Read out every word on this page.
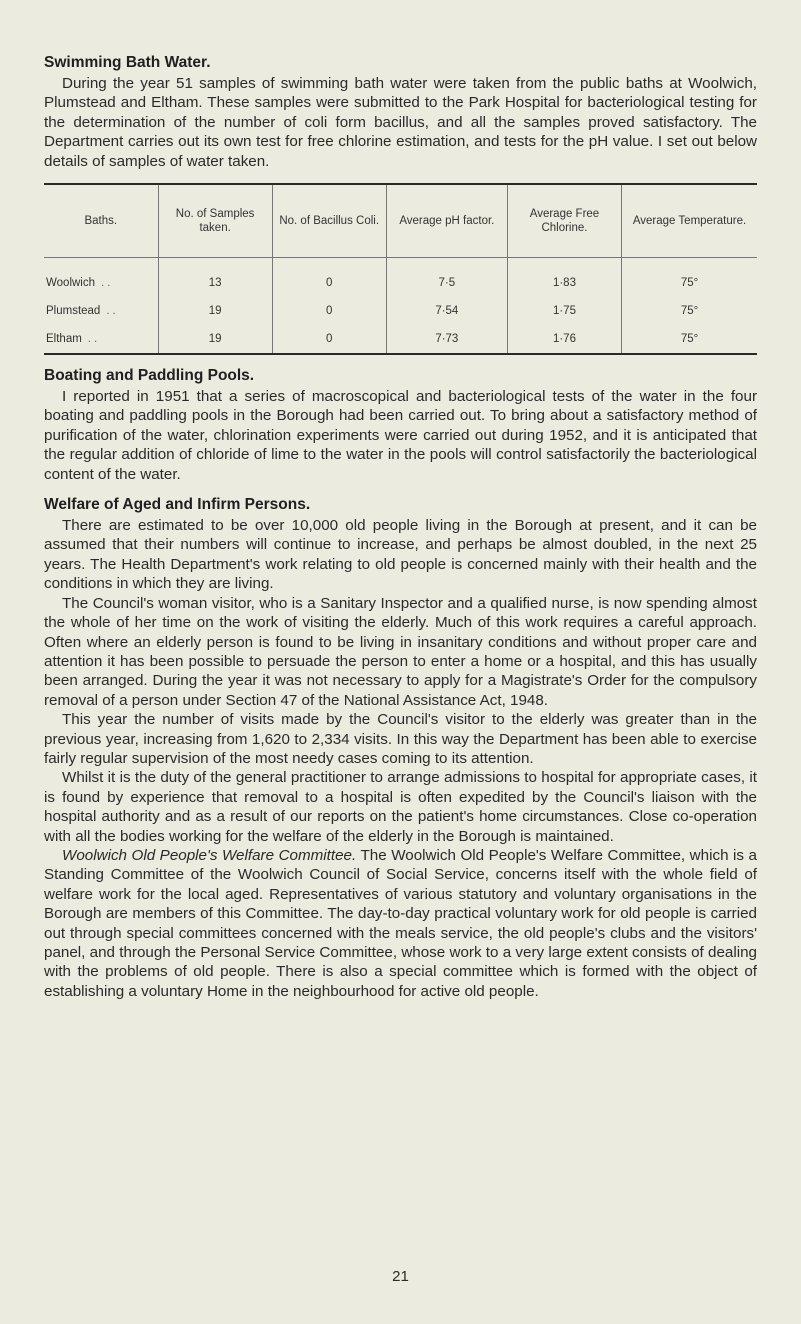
Swimming Bath Water.

During the year 51 samples of swimming bath water were taken from the public baths at Woolwich, Plumstead and Eltham. These samples were submitted to the Park Hospital for bacteriological testing for the determination of the number of coli form bacillus, and all the samples proved satisfactory. The Department carries out its own test for free chlorine estimation, and tests for the pH value. I set out below details of samples of water taken.

Baths.	No. of Samples taken.	No. of Bacillus Coli.	Average pH factor.	Average Free Chlorine.	Average Temperature.
Woolwich ..	13	0	7·5	1·83	75°
Plumstead ..	19	0	7·54	1·75	75°
Eltham ..	19	0	7·73	1·76	75°
Boating and Paddling Pools.

I reported in 1951 that a series of macroscopical and bacteriological tests of the water in the four boating and paddling pools in the Borough had been carried out. To bring about a satisfactory method of purification of the water, chlorination experiments were carried out during 1952, and it is anticipated that the regular addition of chloride of lime to the water in the pools will control satisfactorily the bacteriological content of the water.

Welfare of Aged and Infirm Persons.

There are estimated to be over 10,000 old people living in the Borough at present, and it can be assumed that their numbers will continue to increase, and perhaps be almost doubled, in the next 25 years. The Health Department's work relating to old people is concerned mainly with their health and the conditions in which they are living.

The Council's woman visitor, who is a Sanitary Inspector and a qualified nurse, is now spending almost the whole of her time on the work of visiting the elderly. Much of this work requires a careful approach. Often where an elderly person is found to be living in insanitary conditions and without proper care and attention it has been possible to persuade the person to enter a home or a hospital, and this has usually been arranged. During the year it was not necessary to apply for a Magistrate's Order for the compulsory removal of a person under Section 47 of the National Assistance Act, 1948.

This year the number of visits made by the Council's visitor to the elderly was greater than in the previous year, increasing from 1,620 to 2,334 visits. In this way the Department has been able to exercise fairly regular supervision of the most needy cases coming to its attention.

Whilst it is the duty of the general practitioner to arrange admissions to hospital for appropriate cases, it is found by experience that removal to a hospital is often expedited by the Council's liaison with the hospital authority and as a result of our reports on the patient's home circumstances. Close co-operation with all the bodies working for the welfare of the elderly in the Borough is maintained.

Woolwich Old People's Welfare Committee. The Woolwich Old People's Welfare Committee, which is a Standing Committee of the Woolwich Council of Social Service, concerns itself with the whole field of welfare work for the local aged. Representatives of various statutory and voluntary organisations in the Borough are members of this Committee. The day-to-day practical voluntary work for old people is carried out through special committees concerned with the meals service, the old people's clubs and the visitors' panel, and through the Personal Service Committee, whose work to a very large extent consists of dealing with the problems of old people. There is also a special committee which is formed with the object of establishing a voluntary Home in the neighbourhood for active old people.

21
